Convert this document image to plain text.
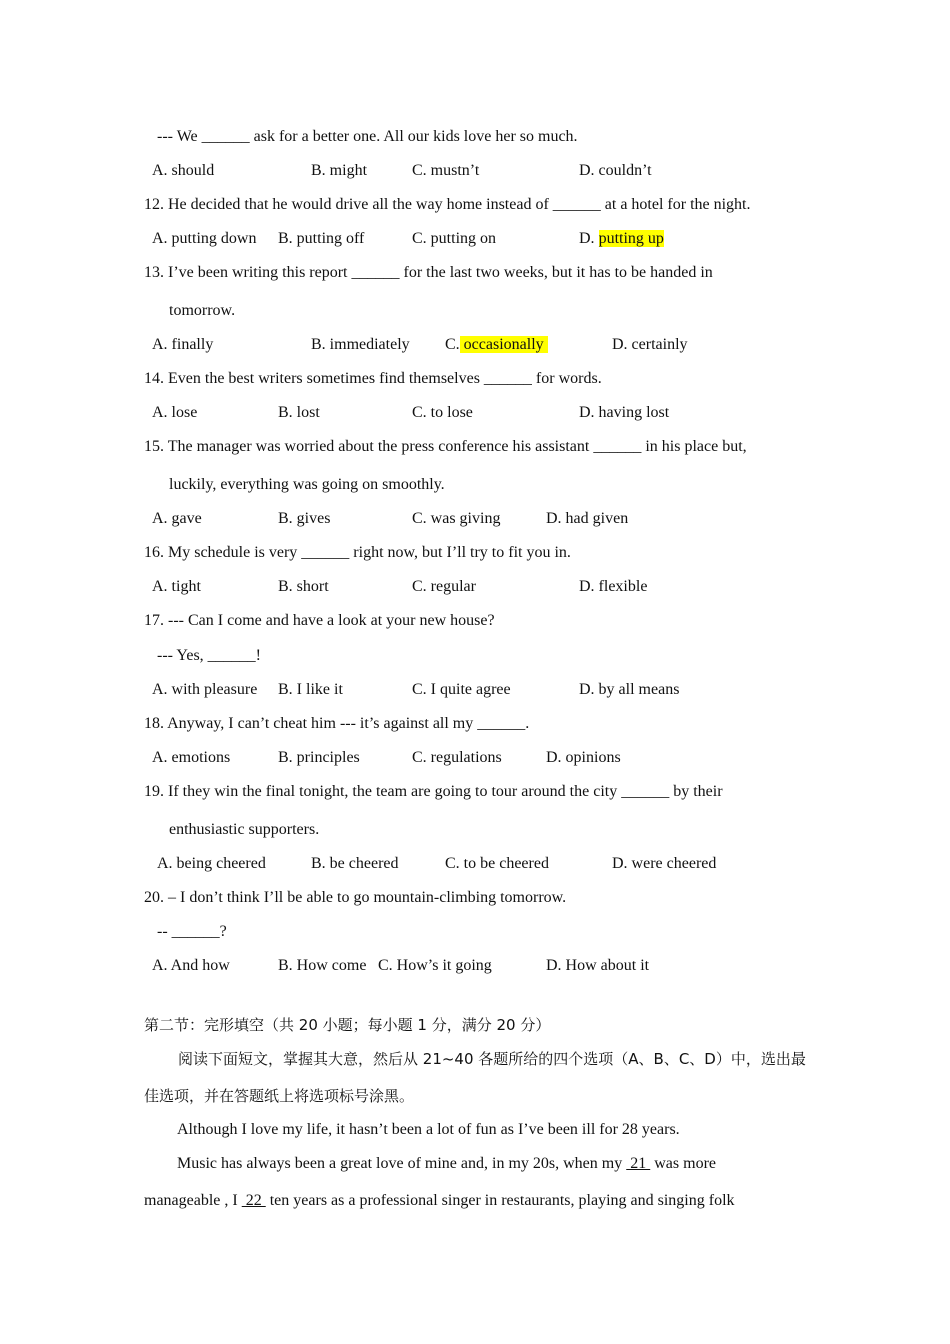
--- We ______ ask for a better one. All our kids love her so much.
A. should	B. might	C. mustn’t	D. couldn’t
12. He decided that he would drive all the way home instead of ______ at a hotel for the night.
A. putting down B. putting off	C. putting on	D. putting up
13. I’ve been writing this report ______ for the last two weeks, but it has to be handed in
tomorrow.
A. finally	B. immediately C. occasionally	D. certainly
14. Even the best writers sometimes find themselves ______ for words.
A. lose	B. lost	C. to lose	D. having lost
15. The manager was worried about the press conference his assistant ______ in his place but,
luckily, everything was going on smoothly.
A. gave	B. gives	C. was giving	D. had given
16. My schedule is very ______ right now, but I’ll try to fit you in.
A. tight	B. short	C. regular	D. flexible
17. --- Can I come and have a look at your new house?
--- Yes, ______!
A. with pleasure B. I like it	C. I quite agree	D. by all means
18. Anyway, I can’t cheat him --- it’s against all my ______.
A. emotions	B. principles	C. regulations	D. opinions
19. If they win the final tonight, the team are going to tour around the city ______ by their
enthusiastic supporters.
A. being cheered	B. be cheered	C. to be cheered	D. were cheered
20. – I don’t think I’ll be able to go mountain-climbing tomorrow.
-- ______?
A. And how	B. How come C. How’s it going	D. How about it
第二节：完形填空（共 20 小题；每小题 1 分，满分 20 分）
阅读下面短文，掌握其大意，然后从 21~40 各题所给的四个选项（A、B、C、D）中，选出最
佳选项，并在答题纸上将选项标号涂黑。
Although I love my life, it hasn’t been a lot of fun as I’ve been ill for 28 years.
Music has always been a great love of mine and, in my 20s, when my  21  was more
manageable , I  22  ten years as a professional singer in restaurants, playing and singing folk
